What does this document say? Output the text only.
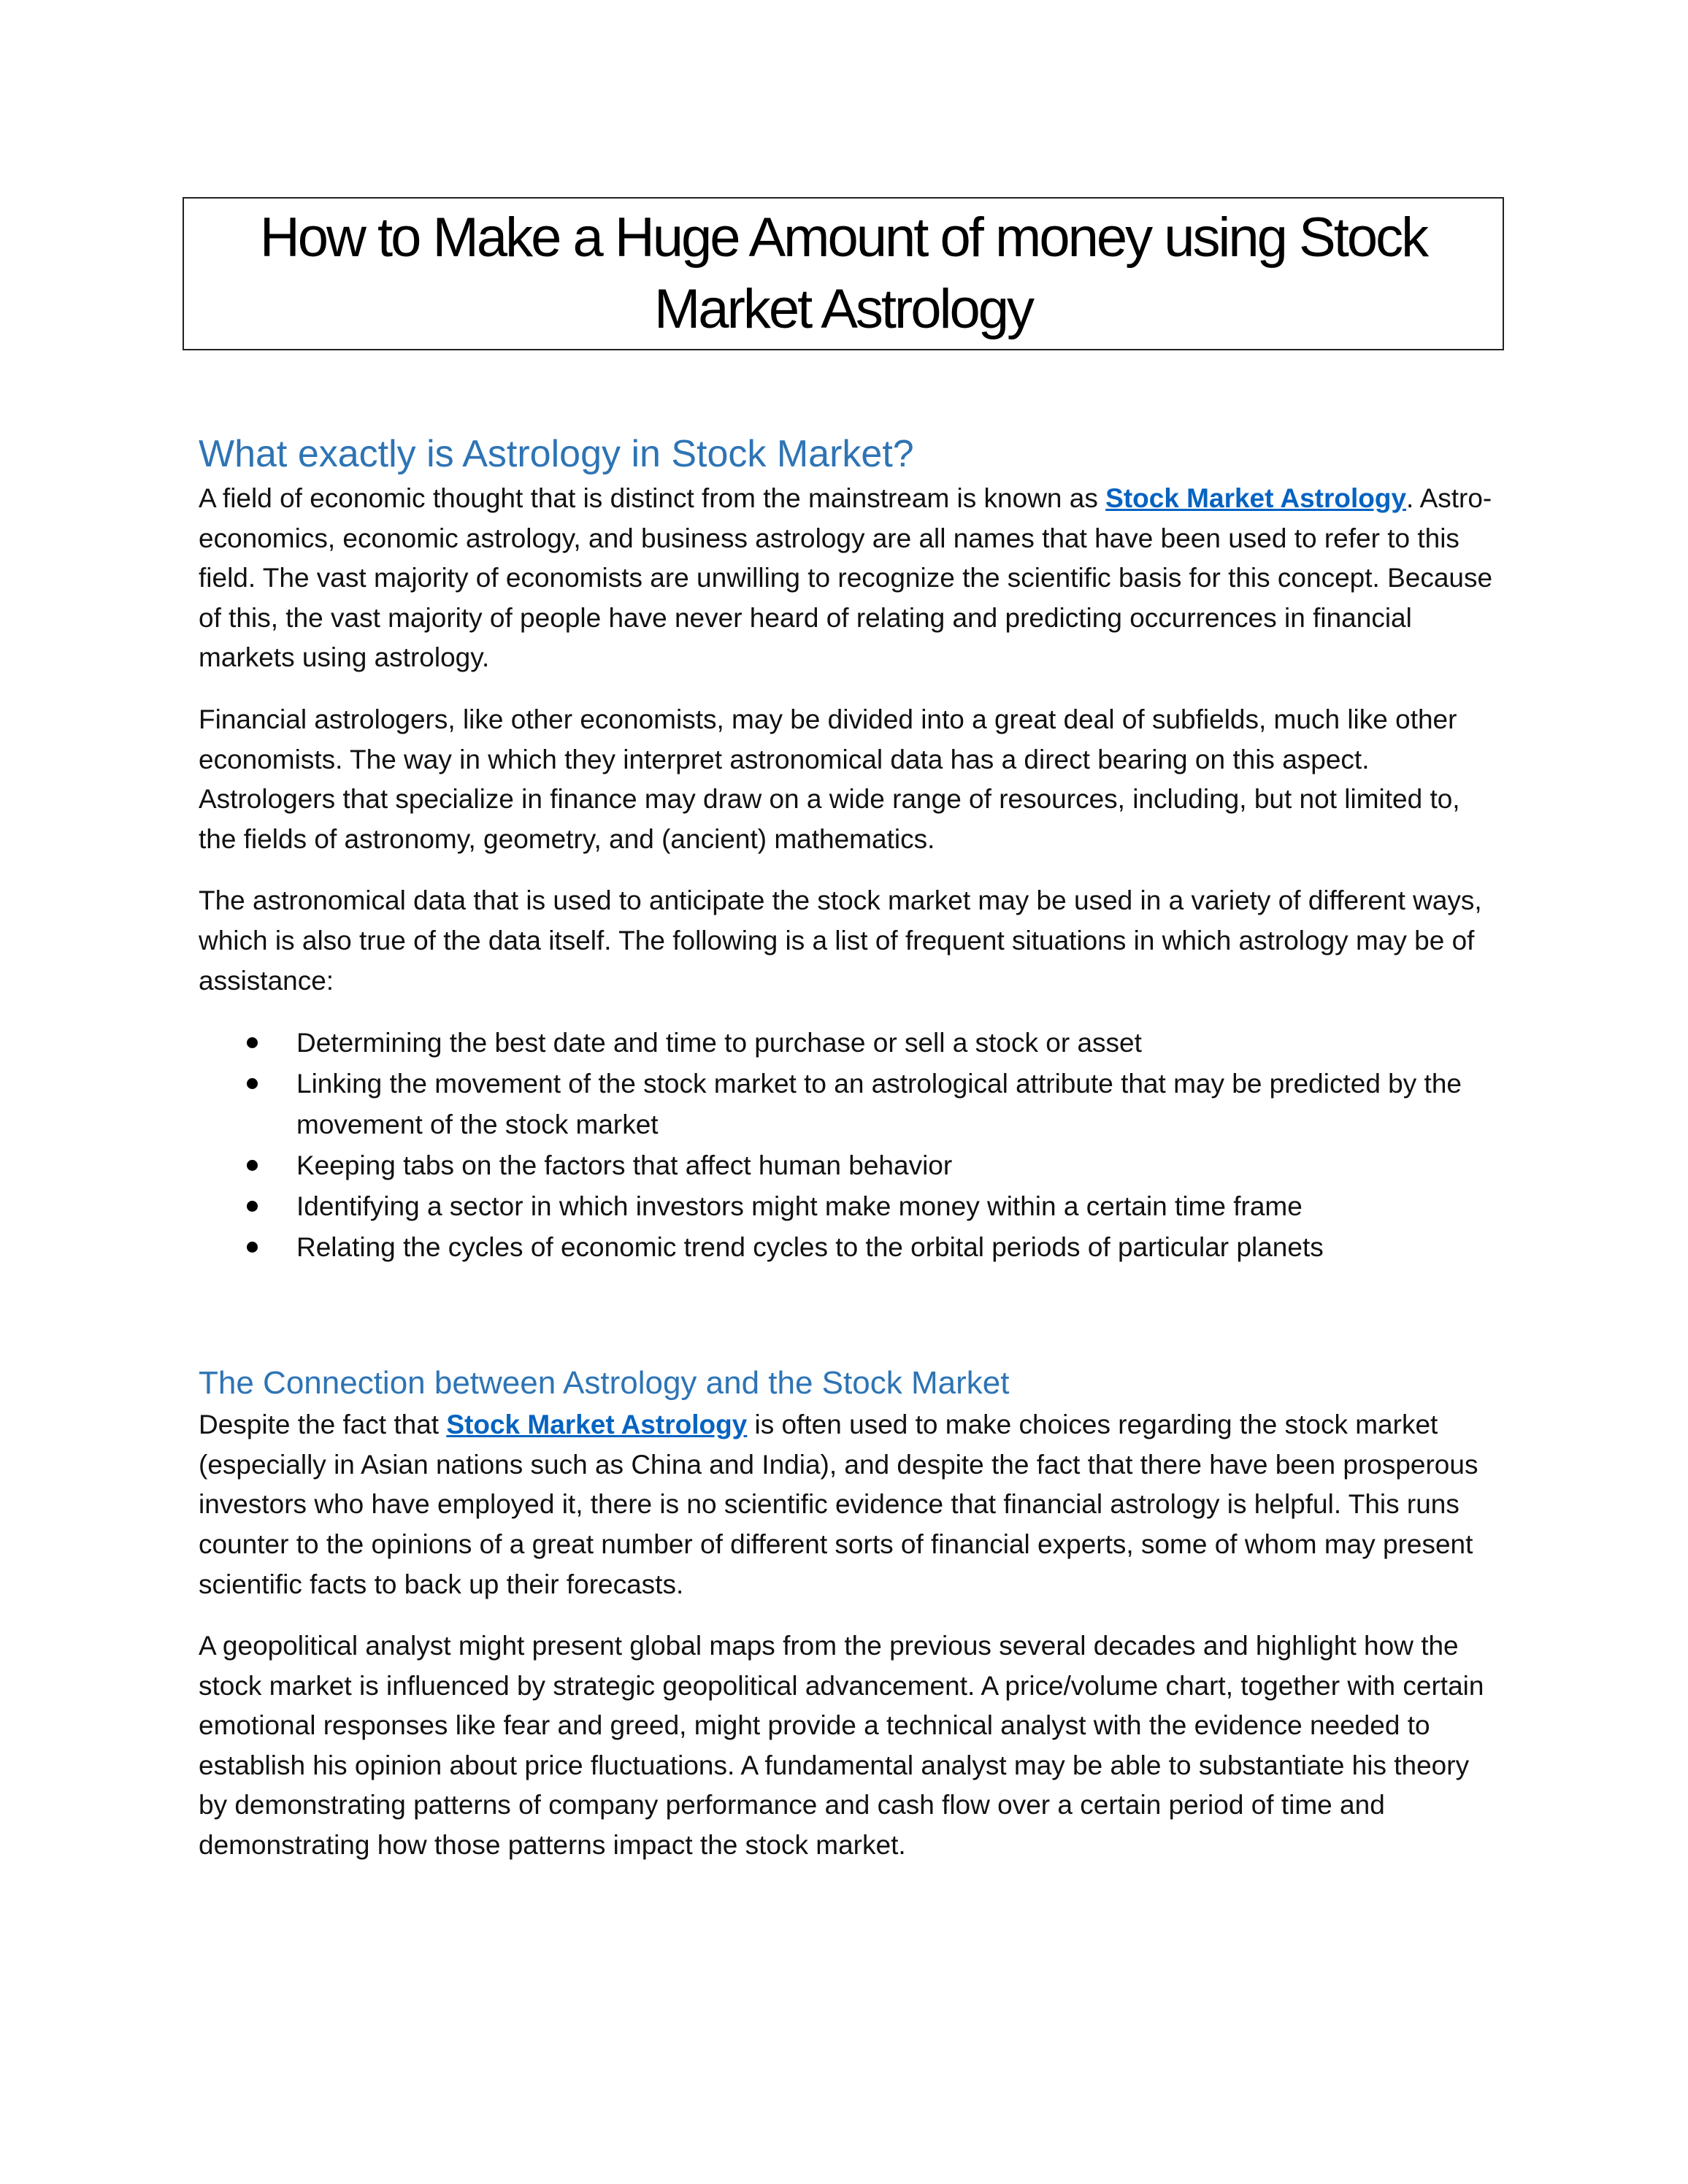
How to Make a Huge Amount of money using Stock
Market Astrology
What exactly is Astrology in Stock Market?

A field of economic thought that is distinct from the mainstream is known as Stock Market Astrology. Astro-economics, economic astrology, and business astrology are all names that have been used to refer to this field. The vast majority of economists are unwilling to recognize the scientific basis for this concept. Because of this, the vast majority of people have never heard of relating and predicting occurrences in financial markets using astrology.

Financial astrologers, like other economists, may be divided into a great deal of subfields, much like other economists. The way in which they interpret astronomical data has a direct bearing on this aspect. Astrologers that specialize in finance may draw on a wide range of resources, including, but not limited to, the fields of astronomy, geometry, and (ancient) mathematics.

The astronomical data that is used to anticipate the stock market may be used in a variety of different ways, which is also true of the data itself. The following is a list of frequent situations in which astrology may be of assistance:

Determining the best date and time to purchase or sell a stock or asset
Linking the movement of the stock market to an astrological attribute that may be predicted by the movement of the stock market
Keeping tabs on the factors that affect human behavior
Identifying a sector in which investors might make money within a certain time frame
Relating the cycles of economic trend cycles to the orbital periods of particular planets
The Connection between Astrology and the Stock Market

Despite the fact that Stock Market Astrology is often used to make choices regarding the stock market (especially in Asian nations such as China and India), and despite the fact that there have been prosperous investors who have employed it, there is no scientific evidence that financial astrology is helpful. This runs counter to the opinions of a great number of different sorts of financial experts, some of whom may present scientific facts to back up their forecasts.

A geopolitical analyst might present global maps from the previous several decades and highlight how the stock market is influenced by strategic geopolitical advancement. A price/volume chart, together with certain emotional responses like fear and greed, might provide a technical analyst with the evidence needed to establish his opinion about price fluctuations. A fundamental analyst may be able to substantiate his theory by demonstrating patterns of company performance and cash flow over a certain period of time and demonstrating how those patterns impact the stock market.
